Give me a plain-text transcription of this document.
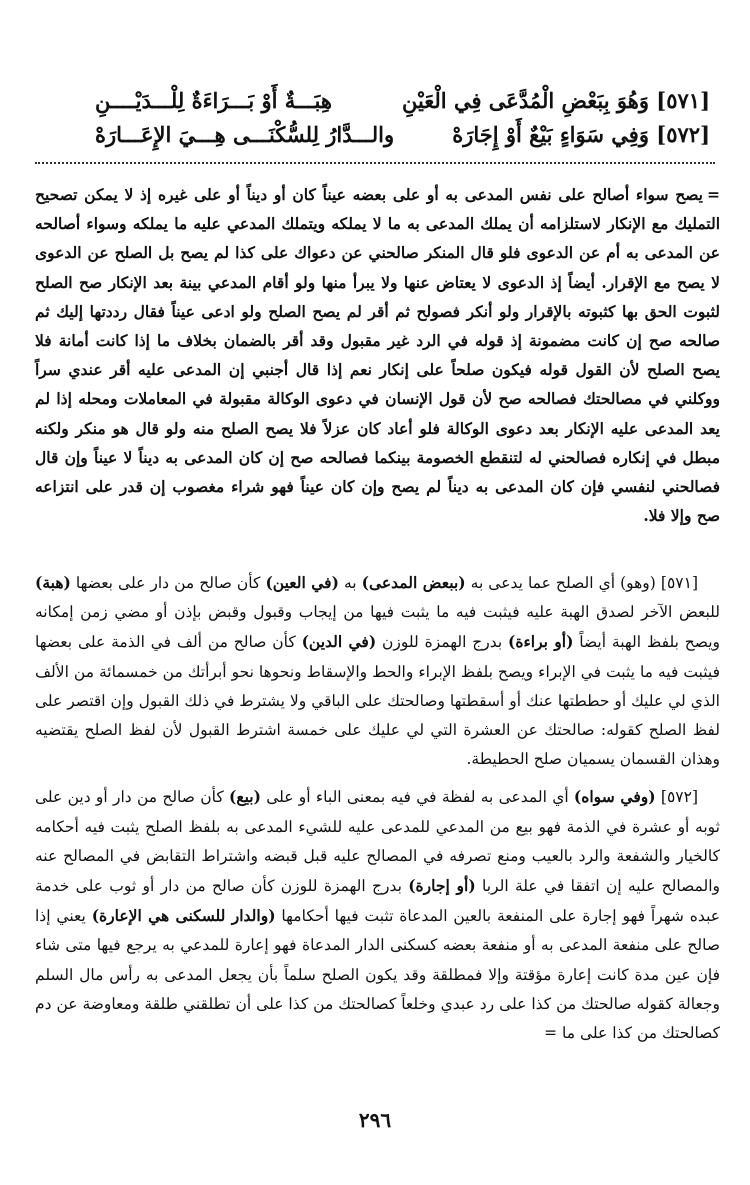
[٥٧١] وَهُوَ بِبَعْضِ الْمُدَّعَى فِي الْعَيْنِ
هِبَـــةٌ أَوْ بَـــرَاءَةٌ لِلْـــدَيْــــنِ
[٥٧٢] وَفِي سَوَاءٍ بَيْعٌ أَوْ إِجَارَهْ
والـــدَّارُ لِلسُّكْنَـــى هِـــيَ الإِعَـــارَهْ
=يصح سواء أصالح على نفس المدعى به أو على بعضه عيناً كان أو ديناً أو على غيره إذ لا يمكن تصحيح التمليك مع الإنكار لاستلزامه أن يملك المدعى به ما لا يملكه ويتملك المدعي عليه ما يملكه وسواء أصالحه عن المدعى به أم عن الدعوى فلو قال المنكر صالحني عن دعواك على كذا لم يصح بل الصلح عن الدعوى لا يصح مع الإقرار. أيضاً إذ الدعوى لا يعتاض عنها ولا يبرأ منها ولو أقام المدعي بينة بعد الإنكار صح الصلح لثبوت الحق بها كثبوته بالإقرار ولو أنكر فصولح ثم أقر لم يصح الصلح ولو ادعى عيناً فقال رددتها إليك ثم صالحه صح إن كانت مضمونة إذ قوله في الرد غير مقبول وقد أقر بالضمان بخلاف ما إذا كانت أمانة فلا يصح الصلح لأن القول قوله فيكون صلحاً على إنكار نعم إذا قال أجنبي إن المدعى عليه أقر عندي سراً ووكلني في مصالحتك فصالحه صح لأن قول الإنسان في دعوى الوكالة مقبولة في المعاملات ومحله إذا لم يعد المدعى عليه الإنكار بعد دعوى الوكالة فلو أعاد كان عزلاً فلا يصح الصلح منه ولو قال هو منكر ولكنه مبطل في إنكاره فصالحني له لتنقطع الخصومة بينكما فصالحه صح إن كان المدعى به ديناً لا عيناً وإن قال فصالحني لنفسي فإن كان المدعى به ديناً لم يصح وإن كان عيناً فهو شراء مغصوب إن قدر على انتزاعه صح وإلا فلا.

[٥٧١] (وهو) أي الصلح عما يدعى به (ببعض المدعى) به (في العين) كأن صالح من دار على بعضها (هبة) للبعض الآخر لصدق الهبة عليه فيثبت فيه ما يثبت فيها من إيجاب وقبول وقبض بإذن أو مضي زمن إمكانه ويصح بلفظ الهبة أيضاً (أو براءة) بدرج الهمزة للوزن (في الدين) كأن صالح من ألف في الذمة على بعضها فيثبت فيه ما يثبت في الإبراء ويصح بلفظ الإبراء والحط والإسقاط ونحوها نحو أبرأتك من خمسمائة من الألف الذي لي عليك أو حططتها عنك أو أسقطتها وصالحتك على الباقي ولا يشترط في ذلك القبول وإن اقتصر على لفظ الصلح كقوله: صالحتك عن العشرة التي لي عليك على خمسة اشترط القبول لأن لفظ الصلح يقتضيه وهذان القسمان يسميان صلح الحطيطة.

[٥٧٢] (وفي سواه) أي المدعى به لفظة في فيه بمعنى الباء أو على (بيع) كأن صالح من دار أو دين على ثوبه أو عشرة في الذمة فهو بيع من المدعي للمدعى عليه للشيء المدعى به بلفظ الصلح يثبت فيه أحكامه كالخيار والشفعة والرد بالعيب ومنع تصرفه في المصالح عليه قبل قبضه واشتراط التقابض في المصالح عنه والمصالح عليه إن اتفقا في علة الربا (أو إجارة) بدرج الهمزة للوزن كأن صالح من دار أو ثوب على خدمة عبده شهراً فهو إجارة على المنفعة بالعين المدعاة تثبت فيها أحكامها (والدار للسكنى هي الإعارة) يعني إذا صالح على منفعة المدعى به أو منفعة بعضه كسكنى الدار المدعاة فهو إعارة للمدعي به يرجع فيها متى شاء فإن عين مدة كانت إعارة مؤقتة وإلا فمطلقة وقد يكون الصلح سلماً بأن يجعل المدعى به رأس مال السلم وجعالة كقوله صالحتك من كذا على رد عبدي وخلعاً كصالحتك من كذا على أن تطلقني طلقة ومعاوضة عن دم كصالحتك من كذا على ما =

٢٩٦
